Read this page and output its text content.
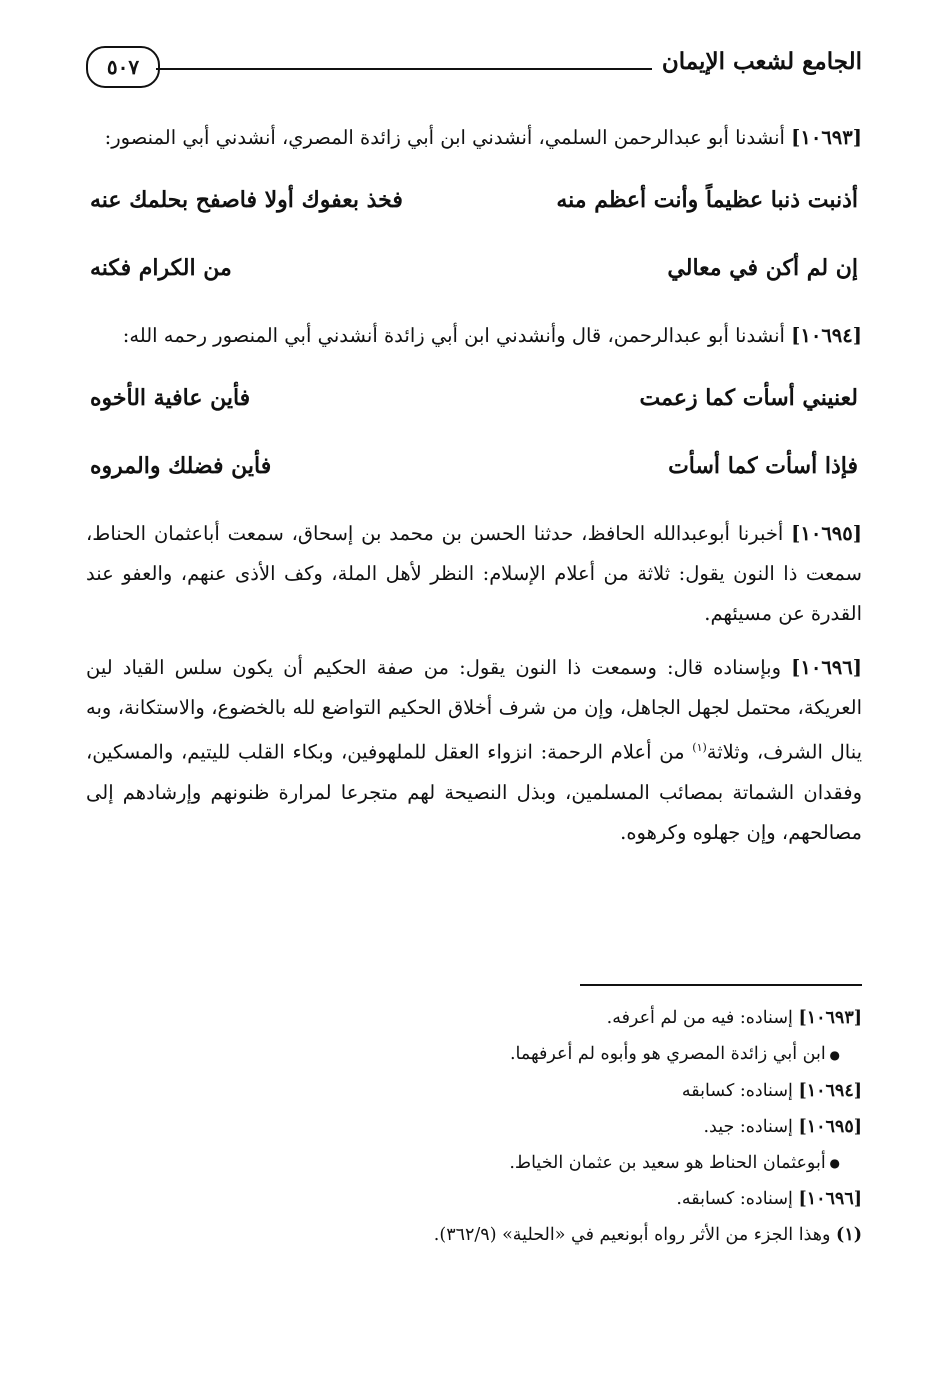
الجامع لشعب الإيمان
٥٠٧

[١٠٦٩٣] أنشدنا أبو عبدالرحمن السلمي، أنشدني ابن أبي زائدة المصري، أنشدني أبي المنصور:

أذنبت ذنبا عظيماً وأنت أعظم منه
فخذ بعفوك أولا فاصفح بحلمك عنه
إن لم أكن في معالي
من الكرام فكنه

[١٠٦٩٤] أنشدنا أبو عبدالرحمن، قال وأنشدني ابن أبي زائدة أنشدني أبي المنصور رحمه الله:

لعنيني أسأت كما زعمت
فأين عافية الأخوه
فإذا أسأت كما أسأت
فأين فضلك والمروه

[١٠٦٩٥] أخبرنا أبوعبدالله الحافظ، حدثنا الحسن بن محمد بن إسحاق، سمعت أباعثمان الحناط، سمعت ذا النون يقول: ثلاثة من أعلام الإسلام: النظر لأهل الملة، وكف الأذى عنهم، والعفو عند القدرة عن مسيئهم.

[١٠٦٩٦] وبإسناده قال: وسمعت ذا النون يقول: من صفة الحكيم أن يكون سلس القياد لين العريكة، محتمل لجهل الجاهل، وإن من شرف أخلاق الحكيم التواضع لله بالخضوع، والاستكانة، وبه ينال الشرف، وثلاثة$^{(١)}$ من أعلام الرحمة: انزواء العقل للملهوفين، وبكاء القلب لليتيم، والمسكين، وفقدان الشماتة بمصائب المسلمين، وبذل النصيحة لهم متجرعا لمرارة ظنونهم وإرشادهم إلى مصالحهم، وإن جهلوه وكرهوه.

[١٠٦٩٣] إسناده: فيه من لم أعرفه.
● ابن أبي زائدة المصري هو وأبوه لم أعرفهما.
[١٠٦٩٤] إسناده: كسابقه
[١٠٦٩٥] إسناده: جيد.
● أبوعثمان الحناط هو سعيد بن عثمان الخياط.
[١٠٦٩٦] إسناده: كسابقه.
(١) وهذا الجزء من الأثر رواه أبونعيم في «الحلية» (٣٦٢/٩).
